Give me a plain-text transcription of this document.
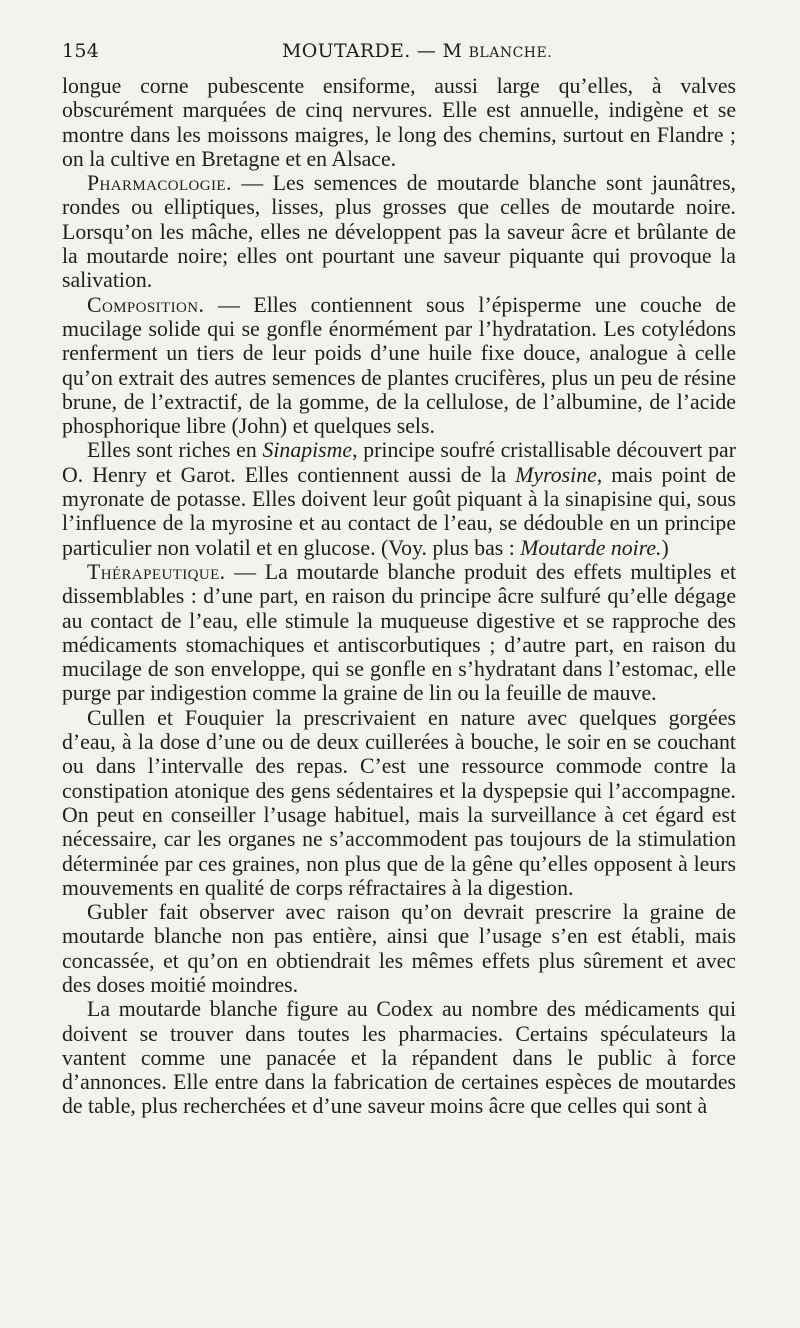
154	MOUTARDE. — M BLANCHE.

longue corne pubescente ensiforme, aussi large qu’elles, à valves obscurément marquées de cinq nervures. Elle est annuelle, indigène et se montre dans les moissons maigres, le long des chemins, surtout en Flandre ; on la cultive en Bretagne et en Alsace.

Pharmacologie. — Les semences de moutarde blanche sont jaunâtres, rondes ou elliptiques, lisses, plus grosses que celles de moutarde noire. Lorsqu’on les mâche, elles ne développent pas la saveur âcre et brûlante de la moutarde noire; elles ont pourtant une saveur piquante qui provoque la salivation.

Composition. — Elles contiennent sous l’épisperme une couche de mucilage solide qui se gonfle énormément par l’hydratation. Les cotylédons renferment un tiers de leur poids d’une huile fixe douce, analogue à celle qu’on extrait des autres semences de plantes crucifères, plus un peu de résine brune, de l’extractif, de la gomme, de la cellulose, de l’albumine, de l’acide phosphorique libre (John) et quelques sels.

Elles sont riches en Sinapisme, principe soufré cristallisable découvert par O. Henry et Garot. Elles contiennent aussi de la Myrosine, mais point de myronate de potasse. Elles doivent leur goût piquant à la sinapisine qui, sous l’influence de la myrosine et au contact de l’eau, se dédouble en un principe particulier non volatil et en glucose. (Voy. plus bas : Moutarde noire.)

Thérapeutique. — La moutarde blanche produit des effets multiples et dissemblables : d’une part, en raison du principe âcre sulfuré qu’elle dégage au contact de l’eau, elle stimule la muqueuse digestive et se rapproche des médicaments stomachiques et antiscorbutiques ; d’autre part, en raison du mucilage de son enveloppe, qui se gonfle en s’hydratant dans l’estomac, elle purge par indigestion comme la graine de lin ou la feuille de mauve.

Cullen et Fouquier la prescrivaient en nature avec quelques gorgées d’eau, à la dose d’une ou de deux cuillerées à bouche, le soir en se couchant ou dans l’intervalle des repas. C’est une ressource commode contre la constipation atonique des gens sédentaires et la dyspepsie qui l’accompagne. On peut en conseiller l’usage habituel, mais la surveillance à cet égard est nécessaire, car les organes ne s’accommodent pas toujours de la stimulation déterminée par ces graines, non plus que de la gêne qu’elles opposent à leurs mouvements en qualité de corps réfractaires à la digestion.

Gubler fait observer avec raison qu’on devrait prescrire la graine de moutarde blanche non pas entière, ainsi que l’usage s’en est établi, mais concassée, et qu’on en obtiendrait les mêmes effets plus sûrement et avec des doses moitié moindres.

La moutarde blanche figure au Codex au nombre des médicaments qui doivent se trouver dans toutes les pharmacies. Certains spéculateurs la vantent comme une panacée et la répandent dans le public à force d’annonces. Elle entre dans la fabrication de certaines espèces de moutardes de table, plus recherchées et d’une saveur moins âcre que celles qui sont à
